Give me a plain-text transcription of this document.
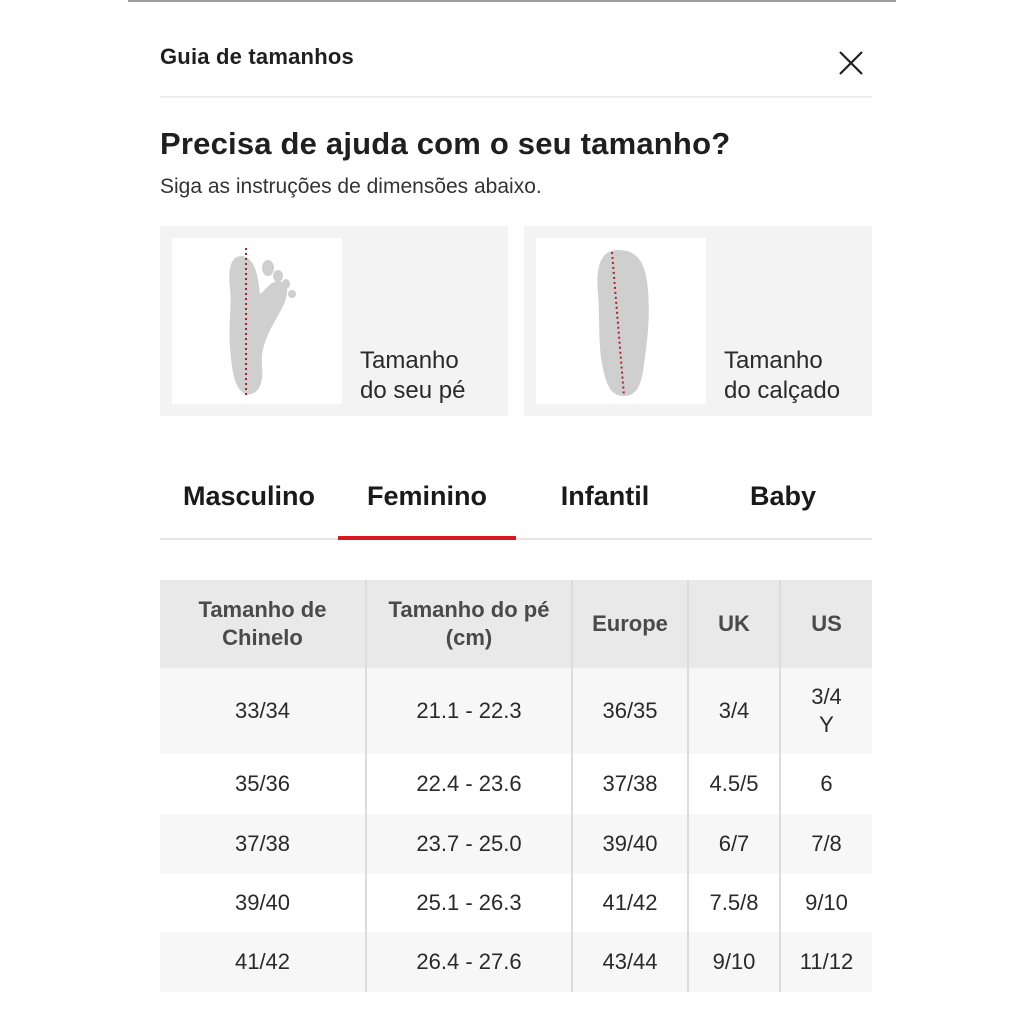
Guia de tamanhos
Precisa de ajuda com o seu tamanho?
Siga as instruções de dimensões abaixo.
Tamanho
do seu pé
Tamanho
do calçado
Masculino	Feminino	Infantil	Baby
Tamanho de Chinelo	Tamanho do pé (cm)	Europe	UK	US
33/34	21.1 - 22.3	36/35	3/4	3/4 Y
35/36	22.4 - 23.6	37/38	4.5/5	6
37/38	23.7 - 25.0	39/40	6/7	7/8
39/40	25.1 - 26.3	41/42	7.5/8	9/10
41/42	26.4 - 27.6	43/44	9/10	11/12
